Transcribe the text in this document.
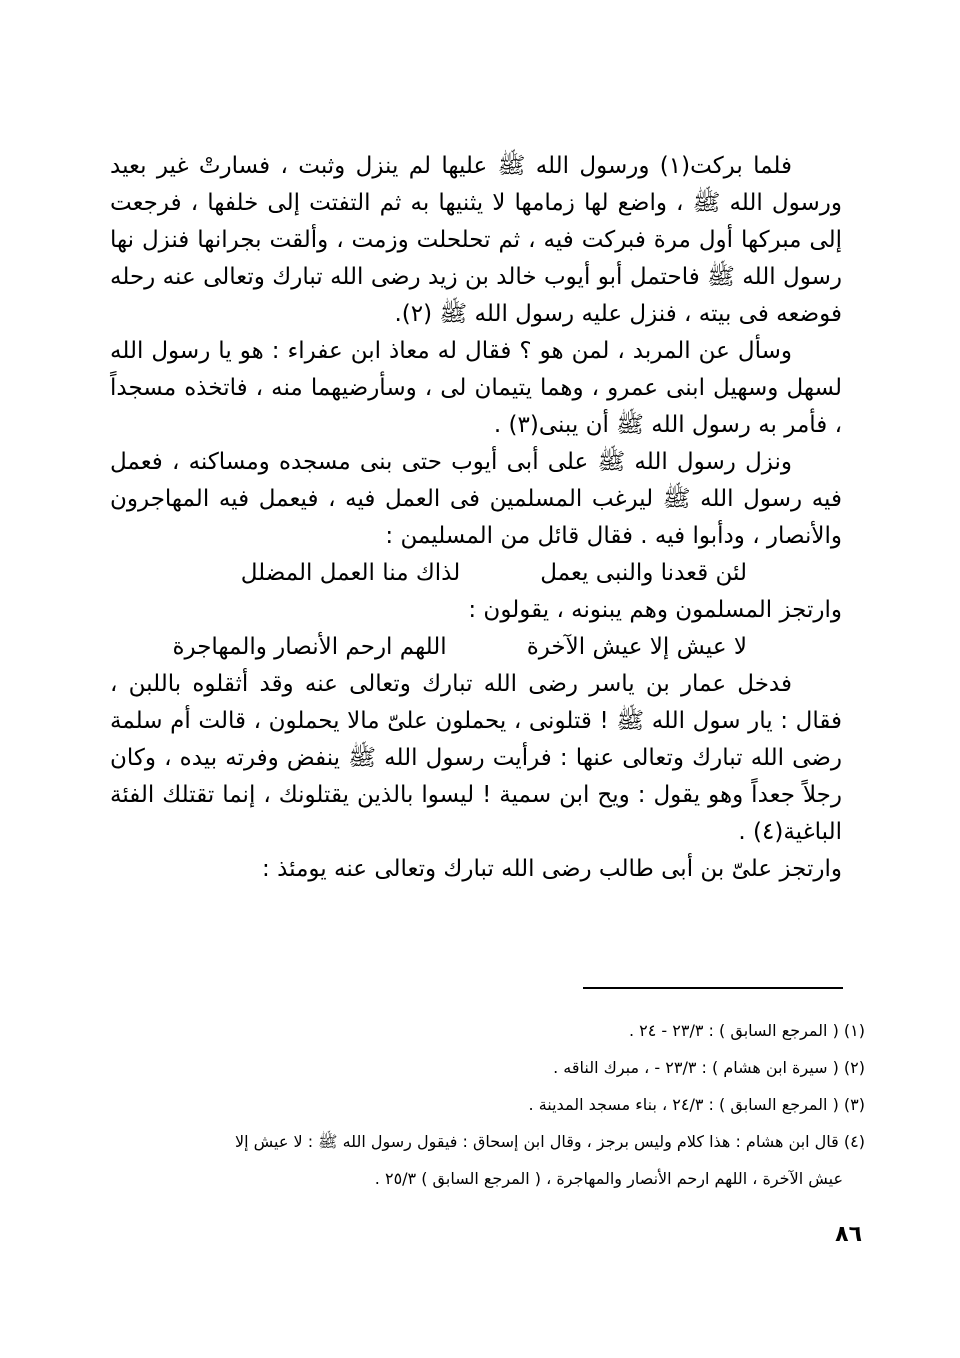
فلما بركت(١) ورسول الله ﷺ عليها لم ينزل وثبت ، فسارتْ غير بعيد ورسول الله ﷺ ، واضع لها زمامها لا يثنيها به ثم التفتت إلى خلفها ، فرجعت إلى مبركها أول مرة فبركت فيه ، ثم تحلحلت وزمت ، وألقت بجرانها فنزل نها رسول الله ﷺ فاحتمل أبو أيوب خالد بن زيد رضى الله تبارك وتعالى عنه رحله فوضعه فى بيته ، فنزل عليه رسول الله ﷺ (٢).

وسأل عن المربد ، لمن هو ؟ فقال له معاذ ابن عفراء : هو يا رسول الله لسهل وسهيل ابنى عمرو ، وهما يتيمان لى ، وسأرضيهما منه ، فاتخذه مسجداً ، فأمر به رسول الله ﷺ أن يبنى(٣) .

ونزل رسول الله ﷺ على أبى أيوب حتى بنى مسجده ومساكنه ، فعمل فيه رسول الله ﷺ ليرغب المسلمين فى العمل فيه ، فيعمل فيه المهاجرون والأنصار ، ودأبوا فيه . فقال قائل من المسليمن :

لئن قعدنا والنبى يعمل
لذاك منا العمل المضلل

وارتجز المسلمون وهم يبنونه ، يقولون :

لا عيش إلا عيش الآخرة
اللهم ارحم الأنصار والمهاجرة

فدخل عمار بن ياسر رضى الله تبارك وتعالى عنه وقد أثقلوه باللبن ، فقال : يار سول الله ﷺ ! قتلونى ، يحملون علىّ مالا يحملون ، قالت أم سلمة رضى الله تبارك وتعالى عنها : فرأيت رسول الله ﷺ ينفض وفرته بيده ، وكان رجلاً جعداً وهو يقول : ويح ابن سمية ! ليسوا بالذين يقتلونك ، إنما تقتلك الفئة الباغية(٤) .

وارتجز علىّ بن أبى طالب رضى الله تبارك وتعالى عنه يومئذ :

(١) ( المرجع السابق ) : ٢٣/٣ - ٢٤ .

(٢) ( سيرة ابن هشام ) : ٢٣/٣ - ، مبرك الناقه .

(٣) ( المرجع السابق ) : ٢٤/٣ ، بناء مسجد المدينة .

(٤) قال ابن هشام : هذا كلام وليس برجز ، وقال ابن إسحاق : فيقول رسول الله ﷺ : لا عيش إلا

عيش الآخرة ، اللهم ارحم الأنصار والمهاجرة ، ( المرجع السابق ) ٢٥/٣ .

٨٦
